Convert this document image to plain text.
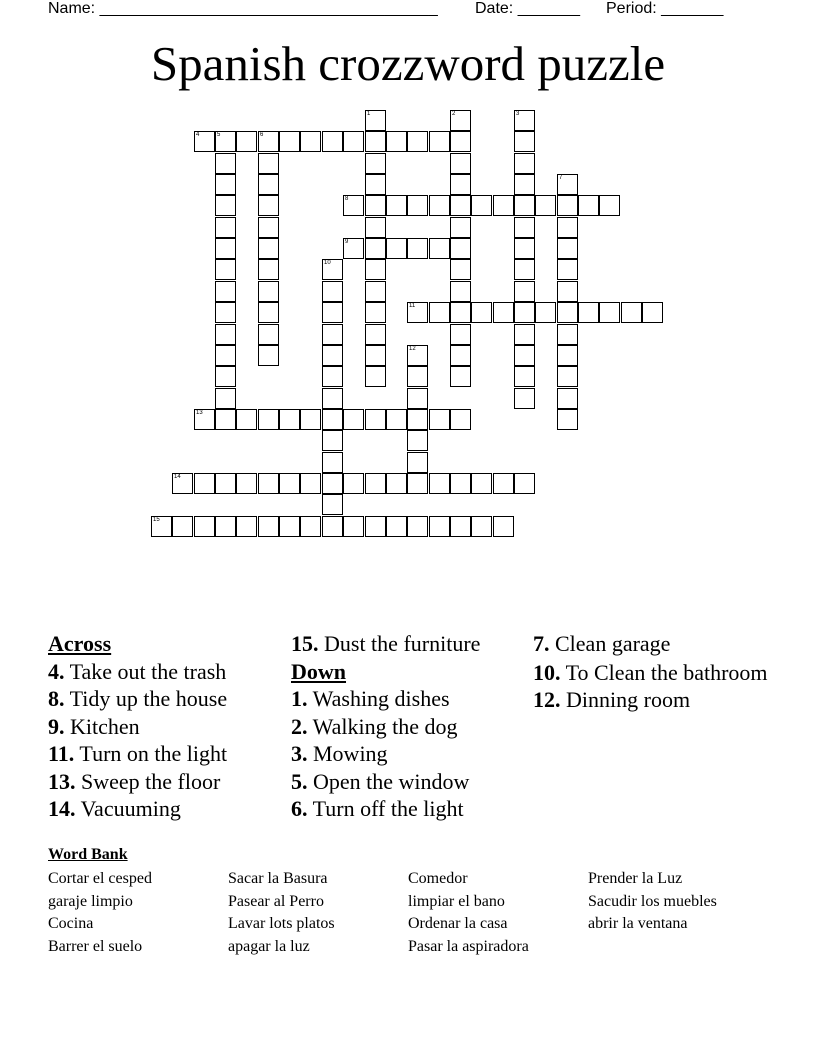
Name: ______________________________________ Date: _______ Period: _______
Spanish crozzword puzzle
1	2	3
4	5	6
7
8
9
10
11
12
13
14
15
Across
4. Take out the trash
8. Tidy up the house
9. Kitchen
11. Turn on the light
13. Sweep the floor
14. Vacuuming
15. Dust the furniture
Down
1. Washing dishes
2. Walking the dog
3. Mowing
5. Open the window
6. Turn off the light
7. Clean garage
10. To Clean the bathroom
12. Dinning room
Word Bank
Cortar el cesped
garaje limpio
Cocina
Barrer el suelo
Sacar la Basura
Pasear al Perro
Lavar lots platos
apagar la luz
Comedor
limpiar el bano
Ordenar la casa
Pasar la aspiradora
Prender la Luz
Sacudir los muebles
abrir la ventana
